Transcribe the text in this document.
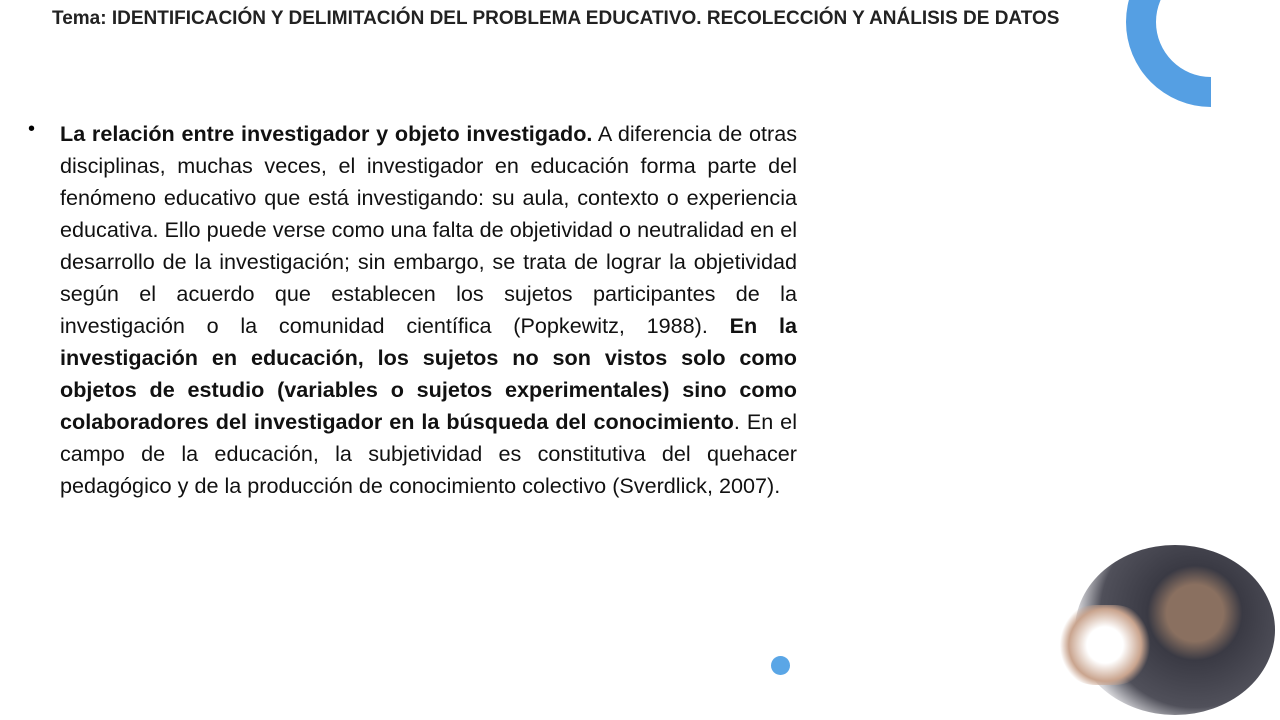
Tema: IDENTIFICACIÓN Y DELIMITACIÓN DEL PROBLEMA EDUCATIVO. RECOLECCIÓN Y ANÁLISIS DE DATOS
• La relación entre investigador y objeto investigado. A diferencia de otras disciplinas, muchas veces, el investigador en educación forma parte del fenómeno educativo que está investigando: su aula, contexto o experiencia educativa. Ello puede verse como una falta de objetividad o neutralidad en el desarrollo de la investigación; sin embargo, se trata de lograr la objetividad según el acuerdo que establecen los sujetos participantes de la investigación o la comunidad científica (Popkewitz, 1988). En la investigación en educación, los sujetos no son vistos solo como objetos de estudio (variables o sujetos experimentales) sino como colaboradores del investigador en la búsqueda del conocimiento. En el campo de la educación, la subjetividad es constitutiva del quehacer pedagógico y de la producción de conocimiento colectivo (Sverdlick, 2007).
